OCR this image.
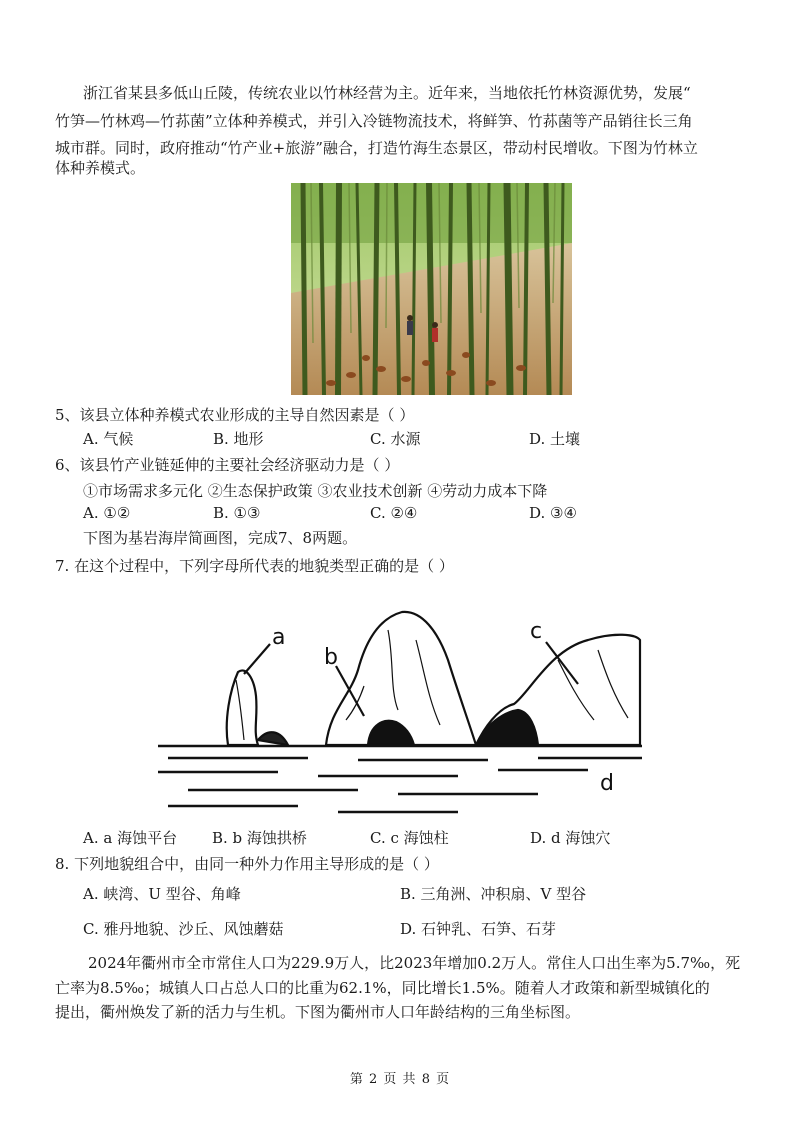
浙江省某县多低山丘陵，传统农业以竹林经营为主。近年来，当地依托竹林资源优势，发展“
竹笋—竹林鸡—竹荪菌”立体种养模式，并引入冷链物流技术，将鲜笋、竹荪菌等产品销往长三角
城市群。同时，政府推动“竹产业+旅游”融合，打造竹海生态景区，带动村民增收。下图为竹林立
体种养模式。
5、该县立体种养模式农业形成的主导自然因素是（ ）
A. 气候	B. 地形	C. 水源	D. 土壤
6、该县竹产业链延伸的主要社会经济驱动力是（ ）
①市场需求多元化 ②生态保护政策 ③农业技术创新 ④劳动力成本下降
A. ①②	B. ①③	C. ②④	D. ③④
下图为基岩海岸简画图，完成7、8两题。
7. 在这个过程中，下列字母所代表的地貌类型正确的是（ ）
a
b
c
d
A. a 海蚀平台 B. b 海蚀拱桥	C. c 海蚀柱	D. d 海蚀穴
8. 下列地貌组合中，由同一种外力作用主导形成的是（ ）
A. 峡湾、U 型谷、角峰	B. 三角洲、冲积扇、V 型谷
C. 雅丹地貌、沙丘、风蚀蘑菇	D. 石钟乳、石笋、石芽
2024年衢州市全市常住人口为229.9万人，比2023年增加0.2万人。常住人口出生率为5.7‰，死
亡率为8.5‰；城镇人口占总人口的比重为62.1%，同比增长1.5%。随着人才政策和新型城镇化的
提出，衢州焕发了新的活力与生机。下图为衢州市人口年龄结构的三角坐标图。
第 2 页 共 8 页
